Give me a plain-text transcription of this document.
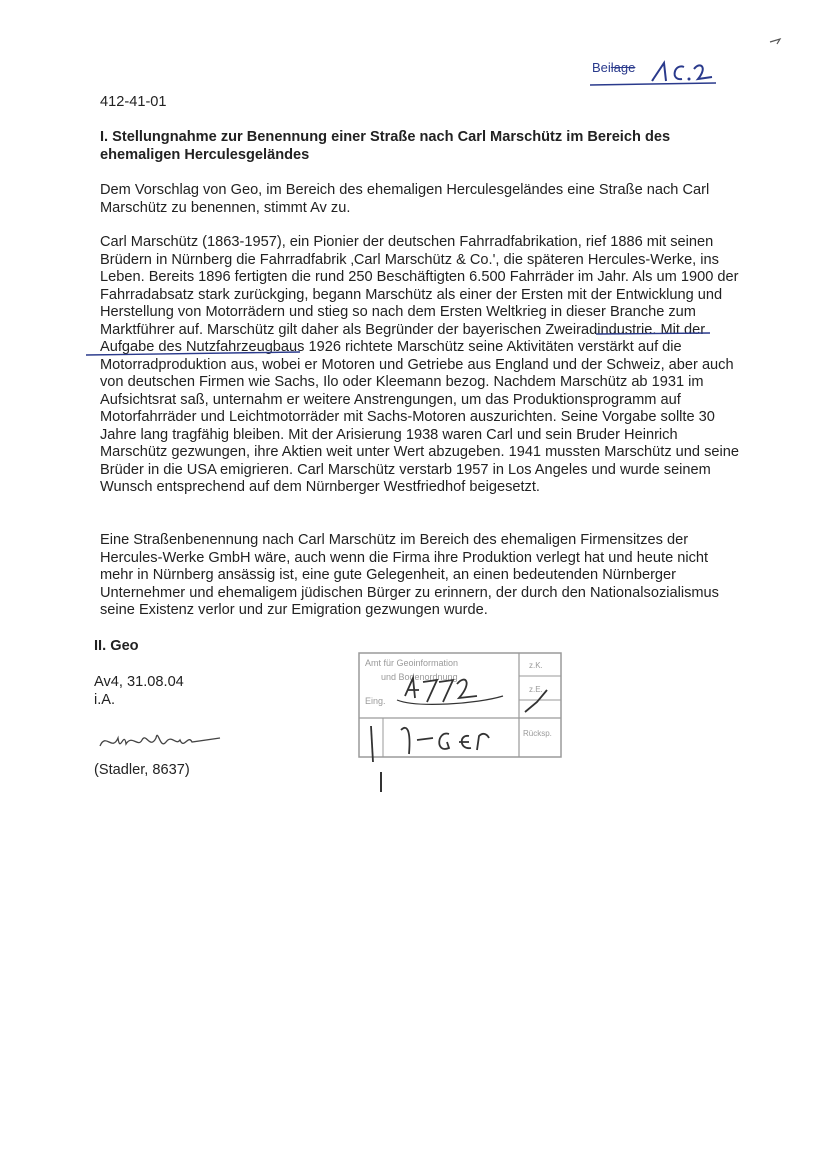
Beilage
10.2
412-41-01
I. Stellungnahme zur Benennung einer Straße nach Carl Marschütz im Bereich des ehemaligen Herculesgeländes
Dem Vorschlag von Geo, im Bereich des ehemaligen Herculesgeländes eine Straße nach Carl Marschütz zu benennen, stimmt Av zu.
Carl Marschütz (1863-1957), ein Pionier der deutschen Fahrradfabrikation, rief 1886 mit seinen Brüdern in Nürnberg die Fahrradfabrik ‚Carl Marschütz & Co.', die späteren Hercules-Werke, ins Leben. Bereits 1896 fertigten die rund 250 Beschäftigten 6.500 Fahrräder im Jahr. Als um 1900 der Fahrradabsatz stark zurückging, begann Marschütz als einer der Ersten mit der Entwicklung und Herstellung von Motorrädern und stieg so nach dem Ersten Weltkrieg in dieser Branche zum Marktführer auf. Marschütz gilt daher als Begründer der bayerischen Zweiradindustrie. Mit der Aufgabe des Nutzfahrzeugbaus 1926 richtete Marschütz seine Aktivitäten verstärkt auf die Motorradproduktion aus, wobei er Motoren und Getriebe aus England und der Schweiz, aber auch von deutschen Firmen wie Sachs, Ilo oder Kleemann bezog. Nachdem Marschütz ab 1931 im Aufsichtsrat saß, unternahm er weitere Anstrengungen, um das Produktionsprogramm auf Motorfahrräder und Leichtmotorräder mit Sachs-Motoren auszurichten. Seine Vorgabe sollte 30 Jahre lang tragfähig bleiben. Mit der Arisierung 1938 waren Carl und sein Bruder Heinrich Marschütz gezwungen, ihre Aktien weit unter Wert abzugeben. 1941 mussten Marschütz und seine Brüder in die USA emigrieren. Carl Marschütz verstarb 1957 in Los Angeles und wurde seinem Wunsch entsprechend auf dem Nürnberger Westfriedhof beigesetzt.
Eine Straßenbenennung nach Carl Marschütz im Bereich des ehemaligen Firmensitzes der Hercules-Werke GmbH wäre, auch wenn die Firma ihre Produktion verlegt hat und heute nicht mehr in Nürnberg ansässig ist, eine gute Gelegenheit, an einen bedeutenden Nürnberger Unternehmer und ehemaligem jüdischen Bürger zu erinnern, der durch den Nationalsozialismus seine Existenz verlor und zur Emigration gezwungen wurde.
II. Geo
Av4, 31.08.04
i.A.
(Stadler, 8637)
Amt für Geoinformation
und Bodenordnung
Eing.
z.K.
z.E.
Rücksp.
